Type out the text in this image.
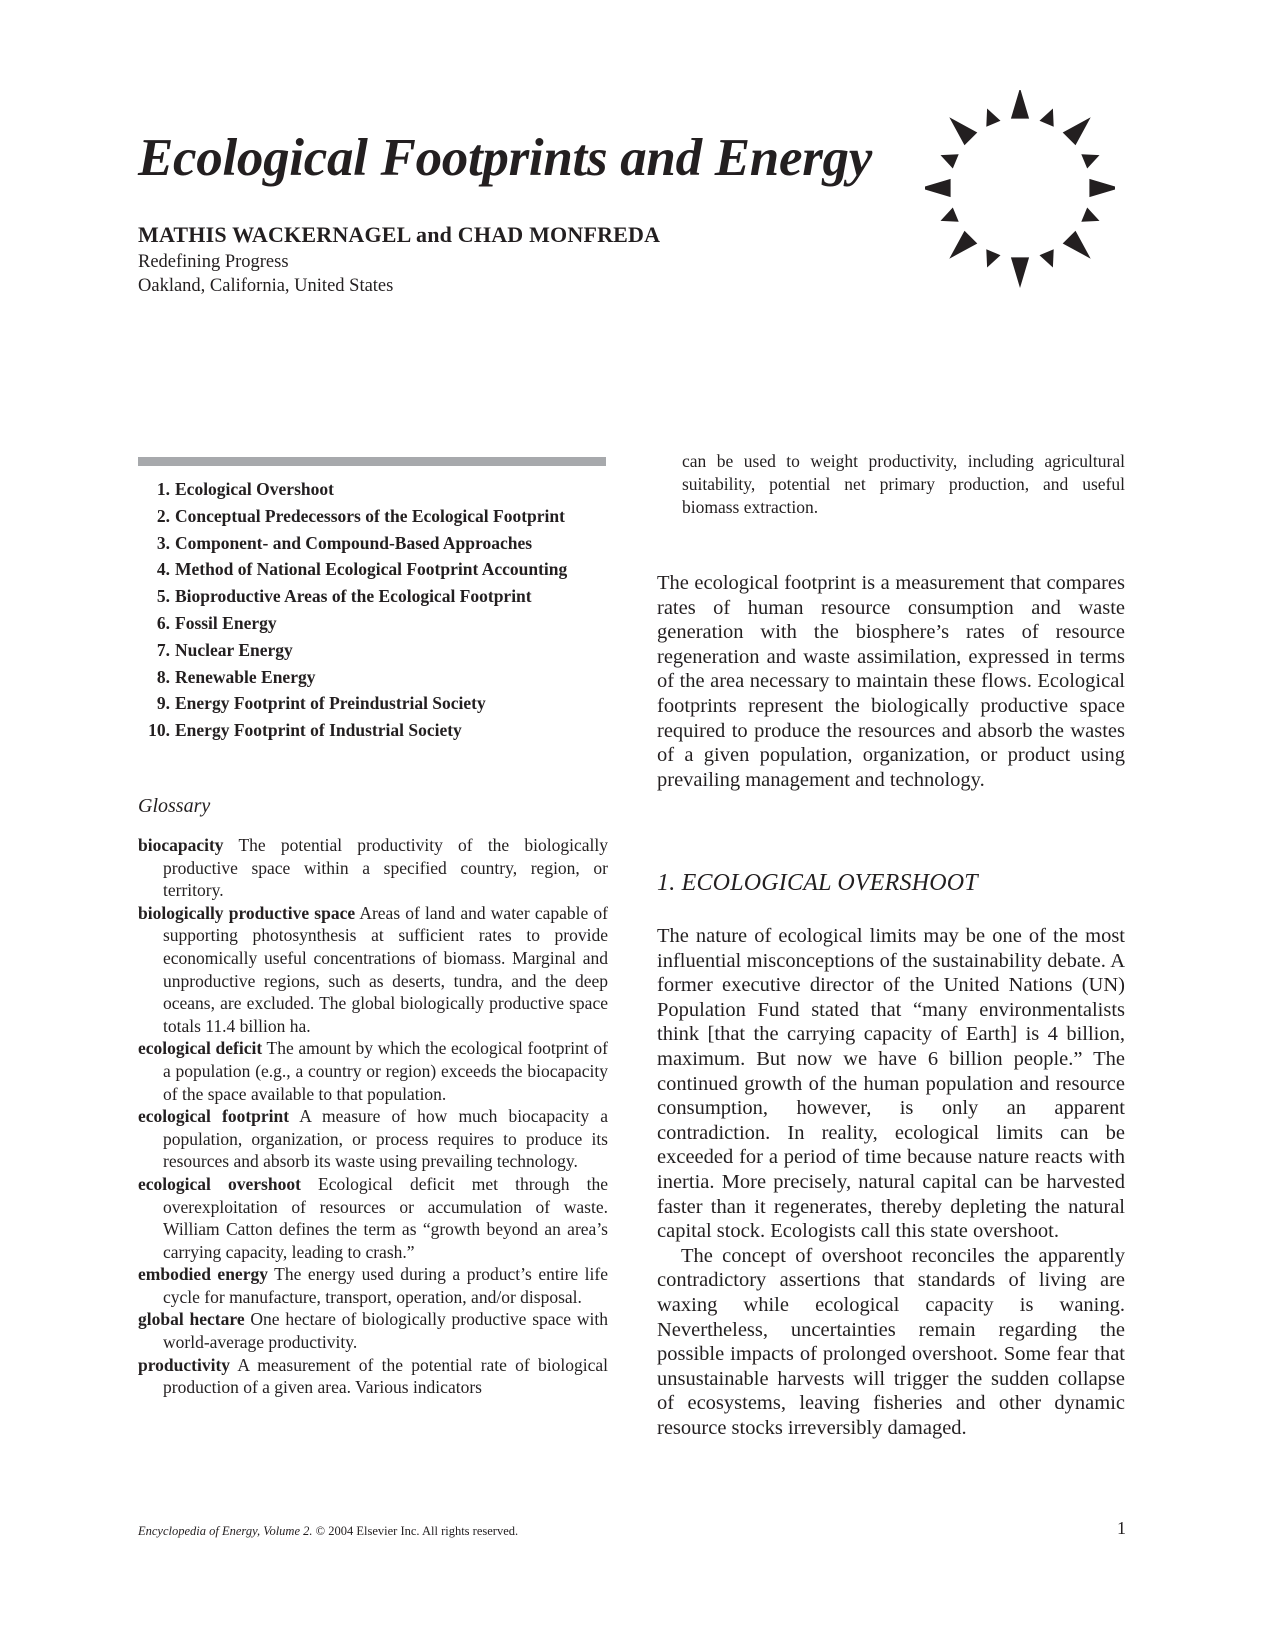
Ecological Footprints and Energy
MATHIS WACKERNAGEL and CHAD MONFREDA
Redefining Progress
Oakland, California, United States
1. Ecological Overshoot
2. Conceptual Predecessors of the Ecological Footprint
3. Component- and Compound-Based Approaches
4. Method of National Ecological Footprint Accounting
5. Bioproductive Areas of the Ecological Footprint
6. Fossil Energy
7. Nuclear Energy
8. Renewable Energy
9. Energy Footprint of Preindustrial Society
10. Energy Footprint of Industrial Society
Glossary
biocapacity The potential productivity of the biologically productive space within a specified country, region, or territory.
biologically productive space Areas of land and water capable of supporting photosynthesis at sufficient rates to provide economically useful concentrations of biomass. Marginal and unproductive regions, such as deserts, tundra, and the deep oceans, are excluded. The global biologically productive space totals 11.4 billion ha.
ecological deficit The amount by which the ecological footprint of a population (e.g., a country or region) exceeds the biocapacity of the space available to that population.
ecological footprint A measure of how much biocapacity a population, organization, or process requires to produce its resources and absorb its waste using prevailing technology.
ecological overshoot Ecological deficit met through the overexploitation of resources or accumulation of waste. William Catton defines the term as “growth beyond an area’s carrying capacity, leading to crash.”
embodied energy The energy used during a product’s entire life cycle for manufacture, transport, operation, and/or disposal.
global hectare One hectare of biologically productive space with world-average productivity.
productivity A measurement of the potential rate of biological production of a given area. Various indicators
can be used to weight productivity, including agricultural suitability, potential net primary production, and useful biomass extraction.
The ecological footprint is a measurement that compares rates of human resource consumption and waste generation with the biosphere’s rates of resource regeneration and waste assimilation, expressed in terms of the area necessary to maintain these flows. Ecological footprints represent the biologically productive space required to produce the resources and absorb the wastes of a given population, organization, or product using prevailing management and technology.
1. ECOLOGICAL OVERSHOOT

The nature of ecological limits may be one of the most influential misconceptions of the sustainability debate. A former executive director of the United Nations (UN) Population Fund stated that “many environmentalists think [that the carrying capacity of Earth] is 4 billion, maximum. But now we have 6 billion people.” The continued growth of the human population and resource consumption, however, is only an apparent contradiction. In reality, ecological limits can be exceeded for a period of time because nature reacts with inertia. More precisely, natural capital can be harvested faster than it regenerates, thereby depleting the natural capital stock. Ecologists call this state overshoot.

The concept of overshoot reconciles the apparently contradictory assertions that standards of living are waxing while ecological capacity is waning. Nevertheless, uncertainties remain regarding the possible impacts of prolonged overshoot. Some fear that unsustainable harvests will trigger the sudden collapse of ecosystems, leaving fisheries and other dynamic resource stocks irreversibly damaged.

Encyclopedia of Energy, Volume 2. © 2004 Elsevier Inc. All rights reserved.	1
